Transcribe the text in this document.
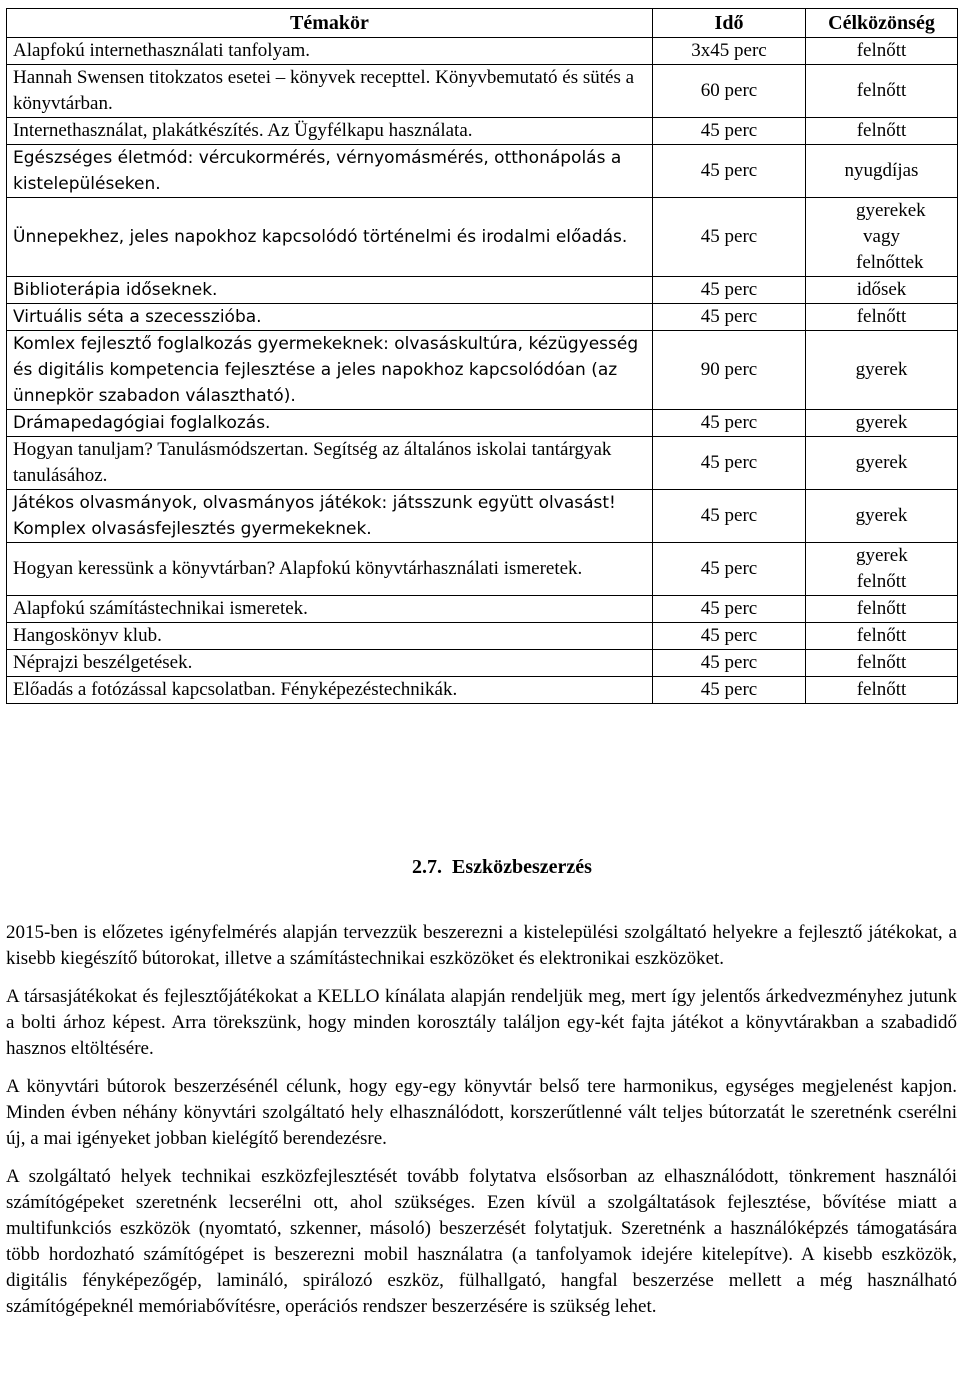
Témakör	Idő	Célközönség
Alapfokú internethasználati tanfolyam.	3x45 perc	felnőtt
Hannah Swensen titokzatos esetei – könyvek recepttel. Könyvbemutató és sütés a könyvtárban.	60 perc	felnőtt
Internethasználat, plakátkészítés. Az Ügyfélkapu használata.	45 perc	felnőtt
Egészséges életmód: vércukormérés, vérnyomásmérés, otthonápolás a kistelepüléseken.	45 perc	nyugdíjas
Ünnepekhez, jeles napokhoz kapcsolódó történelmi és irodalmi előadás.	45 perc	gyerekek vagy felnőttek
Biblioterápia időseknek.	45 perc	idősek
Virtuális séta a szecesszióba.	45 perc	felnőtt
Komlex fejlesztő foglalkozás gyermekeknek: olvasáskultúra, kézügyesség és digitális kompetencia fejlesztése a jeles napokhoz kapcsolódóan (az ünnepkör szabadon választható).	90 perc	gyerek
Drámapedagógiai foglalkozás.	45 perc	gyerek
Hogyan tanuljam? Tanulásmódszertan. Segítség az általános iskolai tantárgyak tanulásához.	45 perc	gyerek
Játékos olvasmányok, olvasmányos játékok: játsszunk együtt olvasást! Komplex olvasásfejlesztés gyermekeknek.	45 perc	gyerek
Hogyan keressünk a könyvtárban? Alapfokú könyvtárhasználati ismeretek.	45 perc	gyerek felnőtt
Alapfokú számítástechnikai ismeretek.	45 perc	felnőtt
Hangoskönyv klub.	45 perc	felnőtt
Néprajzi beszélgetések.	45 perc	felnőtt
Előadás a fotózással kapcsolatban. Fényképezéstechnikák.	45 perc	felnőtt
2.7. Eszközbeszerzés

2015-ben is előzetes igényfelmérés alapján tervezzük beszerezni a kistelepülési szolgáltató helyekre a fejlesztő játékokat, a kisebb kiegészítő bútorokat, illetve a számítástechnikai eszközöket és elektronikai eszközöket.

A társasjátékokat és fejlesztőjátékokat a KELLO kínálata alapján rendeljük meg, mert így jelentős árkedvezményhez jutunk a bolti árhoz képest. Arra törekszünk, hogy minden korosztály találjon egy-két fajta játékot a könyvtárakban a szabadidő hasznos eltöltésére.

A könyvtári bútorok beszerzésénél célunk, hogy egy-egy könyvtár belső tere harmonikus, egységes megjelenést kapjon. Minden évben néhány könyvtári szolgáltató hely elhasználódott, korszerűtlenné vált teljes bútorzatát le szeretnénk cserélni új, a mai igényeket jobban kielégítő berendezésre.

A szolgáltató helyek technikai eszközfejlesztését tovább folytatva elsősorban az elhasználódott, tönkrement használói számítógépeket szeretnénk lecserélni ott, ahol szükséges. Ezen kívül a szolgáltatások fejlesztése, bővítése miatt a multifunkciós eszközök (nyomtató, szkenner, másoló) beszerzését folytatjuk. Szeretnénk a használóképzés támogatására több hordozható számítógépet is beszerezni mobil használatra (a tanfolyamok idejére kitelepítve). A kisebb eszközök, digitális fényképezőgép, lamináló, spirálozó eszköz, fülhallgató, hangfal beszerzése mellett a még használható számítógépeknél memóriabővítésre, operációs rendszer beszerzésére is szükség lehet.
